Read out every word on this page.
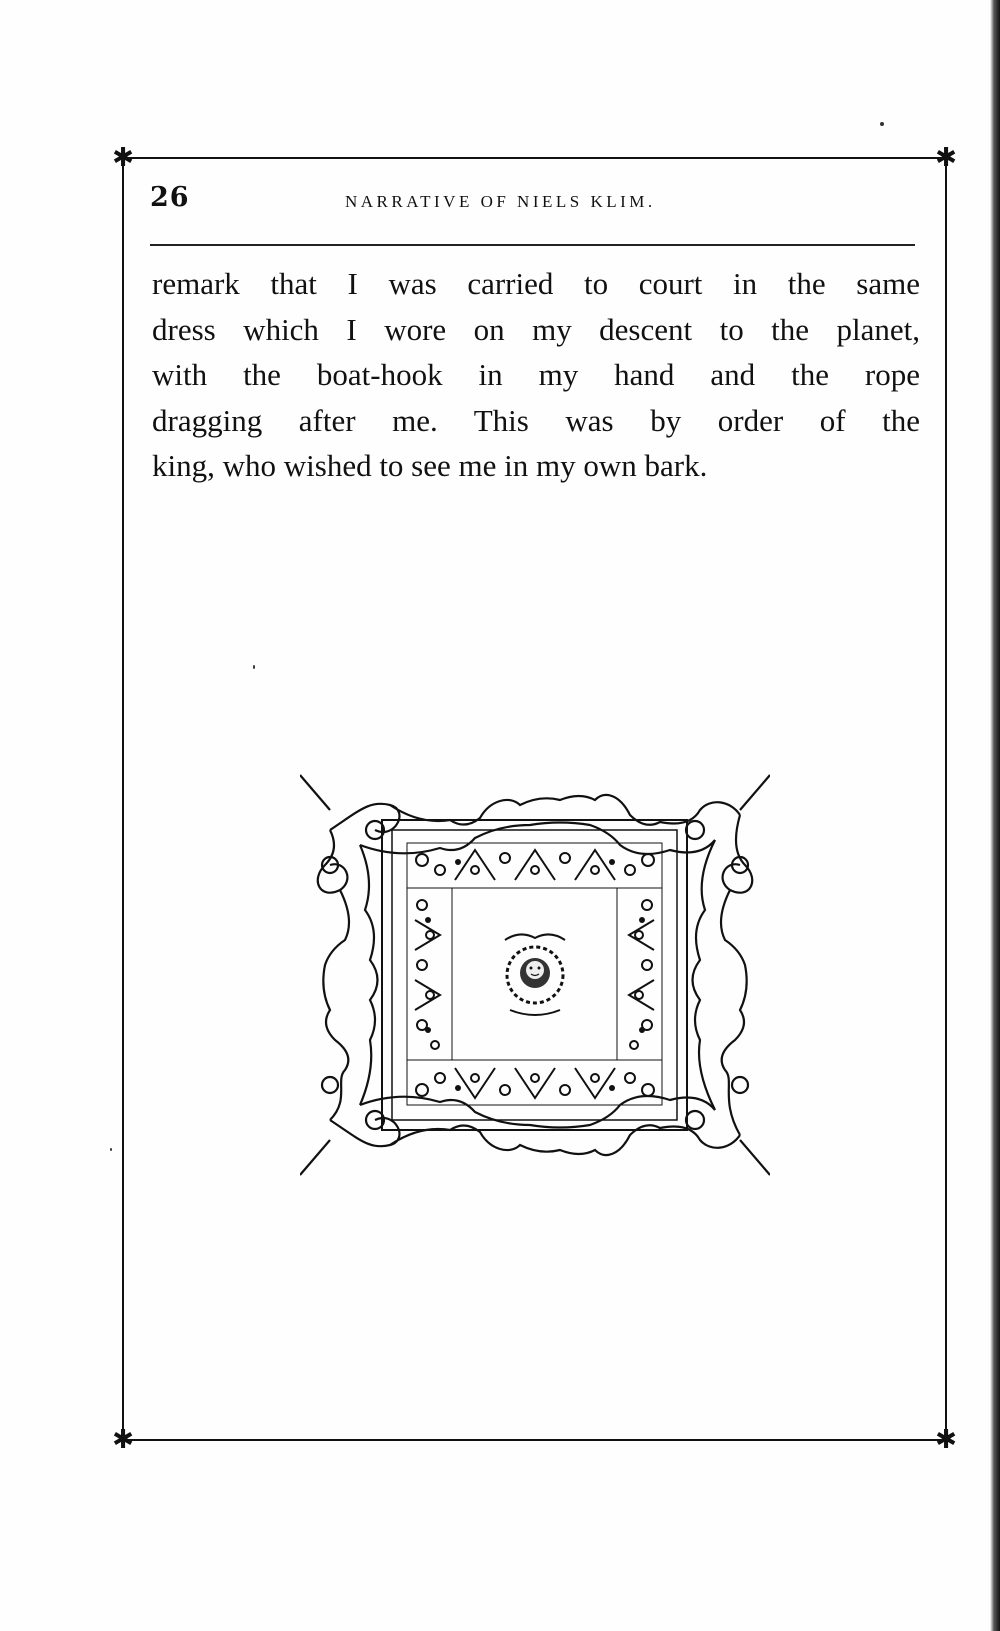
✱	✱
✱	✱
26	NARRATIVE OF NIELS KLIM.
remark that I was carried to court in the same
dress which I wore on my descent to the planet,
with the boat-hook in my hand and the rope
dragging after me. This was by order of the
king, who wished to see me in my own bark.
